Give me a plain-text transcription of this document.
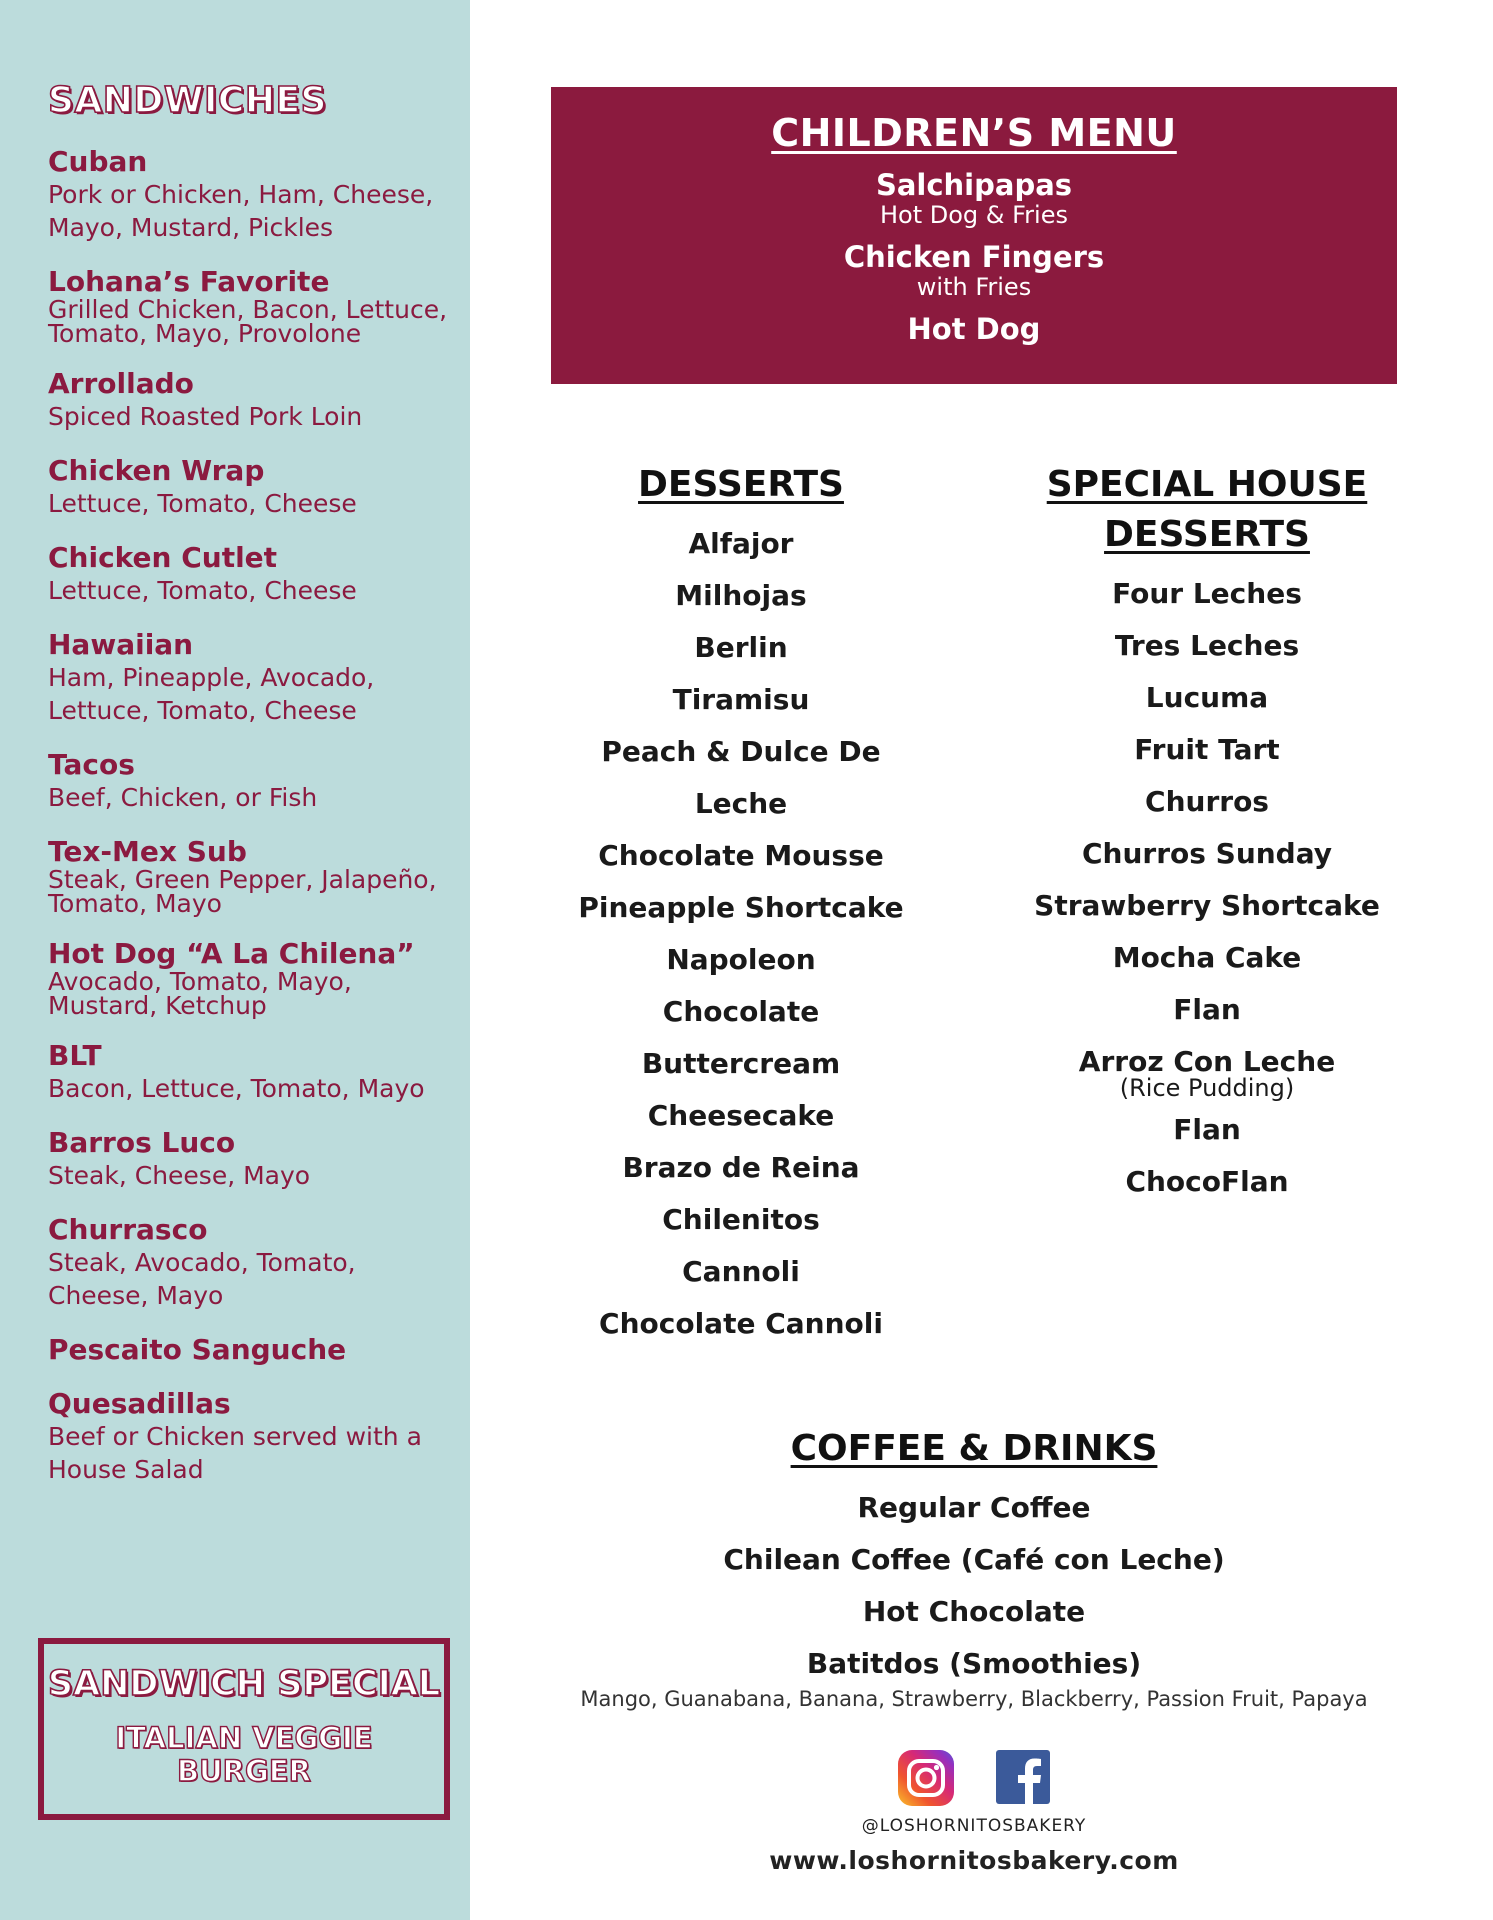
SANDWICHES
Cuban
Pork or Chicken, Ham, Cheese, Mayo, Mustard, Pickles
Lohana’s Favorite
Grilled Chicken, Bacon, Lettuce, Tomato, Mayo, Provolone
Arrollado
Spiced Roasted Pork Loin
Chicken Wrap
Lettuce, Tomato, Cheese
Chicken Cutlet
Lettuce, Tomato, Cheese
Hawaiian
Ham, Pineapple, Avocado, Lettuce, Tomato, Cheese
Tacos
Beef, Chicken, or Fish
Tex-Mex Sub
Steak, Green Pepper, Jalapeño, Tomato, Mayo
Hot Dog “A La Chilena”
Avocado, Tomato, Mayo, Mustard, Ketchup
BLT
Bacon, Lettuce, Tomato, Mayo
Barros Luco
Steak, Cheese, Mayo
Churrasco
Steak, Avocado, Tomato, Cheese, Mayo
Pescaito Sanguche
Quesadillas
Beef or Chicken served with a House Salad
SANDWICH SPECIAL
ITALIAN VEGGIE
BURGER
CHILDREN’S MENU
Salchipapas
Hot Dog & Fries
Chicken Fingers
with Fries
Hot Dog
DESSERTS
Alfajor
Milhojas
Berlin
Tiramisu
Peach & Dulce De Leche
Chocolate Mousse
Pineapple Shortcake
Napoleon
Chocolate
Buttercream
Cheesecake
Brazo de Reina
Chilenitos
Cannoli
Chocolate Cannoli
SPECIAL HOUSE
DESSERTS
Four Leches
Tres Leches
Lucuma
Fruit Tart
Churros
Churros Sunday
Strawberry Shortcake
Mocha Cake
Flan
Arroz Con Leche
(Rice Pudding)
Flan
ChocoFlan
COFFEE & DRINKS
Regular Coffee
Chilean Coffee (Café con Leche)
Hot Chocolate
Batitdos (Smoothies)
Mango, Guanabana, Banana, Strawberry, Blackberry, Passion Fruit, Papaya
@LOSHORNITOSBAKERY
www.loshornitosbakery.com
